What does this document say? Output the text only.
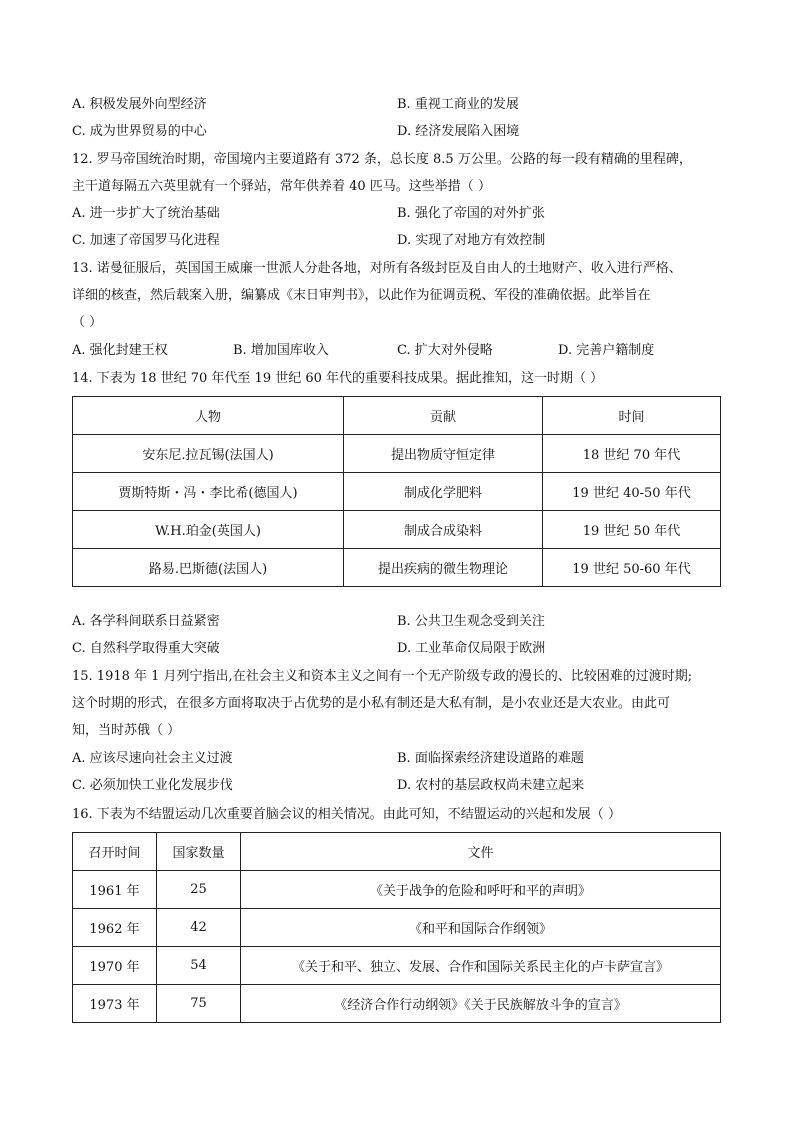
A. 积极发展外向型经济	B. 重视工商业的发展
C. 成为世界贸易的中心	D. 经济发展陷入困境
12. 罗马帝国统治时期，帝国境内主要道路有 372 条，总长度 8.5 万公里。公路的每一段有精确的里程碑，
主干道每隔五六英里就有一个驿站，常年供养着 40 匹马。这些举措（ ）
A. 进一步扩大了统治基础	B. 强化了帝国的对外扩张
C. 加速了帝国罗马化进程	D. 实现了对地方有效控制
13. 诺曼征服后，英国国王威廉一世派人分赴各地，对所有各级封臣及自由人的土地财产、收入进行严格、
详细的核查，然后载案入册，编纂成《末日审判书》，以此作为征调贡税、军役的准确依据。此举旨在
（ ）
A. 强化封建王权	B. 增加国库收入	C. 扩大对外侵略	D. 完善户籍制度
14. 下表为 18 世纪 70 年代至 19 世纪 60 年代的重要科技成果。据此推知，这一时期（ ）
人物	贡献	时间
安东尼.拉瓦锡(法国人)	提出物质守恒定律	18 世纪 70 年代
贾斯特斯・冯・李比希(德国人)	制成化学肥料	19 世纪 40-50 年代
W.H.珀金(英国人)	制成合成染料	19 世纪 50 年代
路易.巴斯德(法国人)	提出疾病的微生物理论	19 世纪 50-60 年代
A. 各学科间联系日益紧密	B. 公共卫生观念受到关注
C. 自然科学取得重大突破	D. 工业革命仅局限于欧洲
15. 1918 年 1 月列宁指出,在社会主义和资本主义之间有一个无产阶级专政的漫长的、比较困难的过渡时期;
这个时期的形式，在很多方面将取决于占优势的是小私有制还是大私有制，是小农业还是大农业。由此可
知，当时苏俄（ ）
A. 应该尽速向社会主义过渡	B. 面临探索经济建设道路的难题
C. 必须加快工业化发展步伐	D. 农村的基层政权尚未建立起来
16. 下表为不结盟运动几次重要首脑会议的相关情况。由此可知，不结盟运动的兴起和发展（ ）
召开时间	国家数量	文件
1961 年	25	《关于战争的危险和呼吁和平的声明》
1962 年	42	《和平和国际合作纲领》
1970 年	54	《关于和平、独立、发展、合作和国际关系民主化的卢卡萨宣言》
1973 年	75	《经济合作行动纲领》《关于民族解放斗争的宣言》
